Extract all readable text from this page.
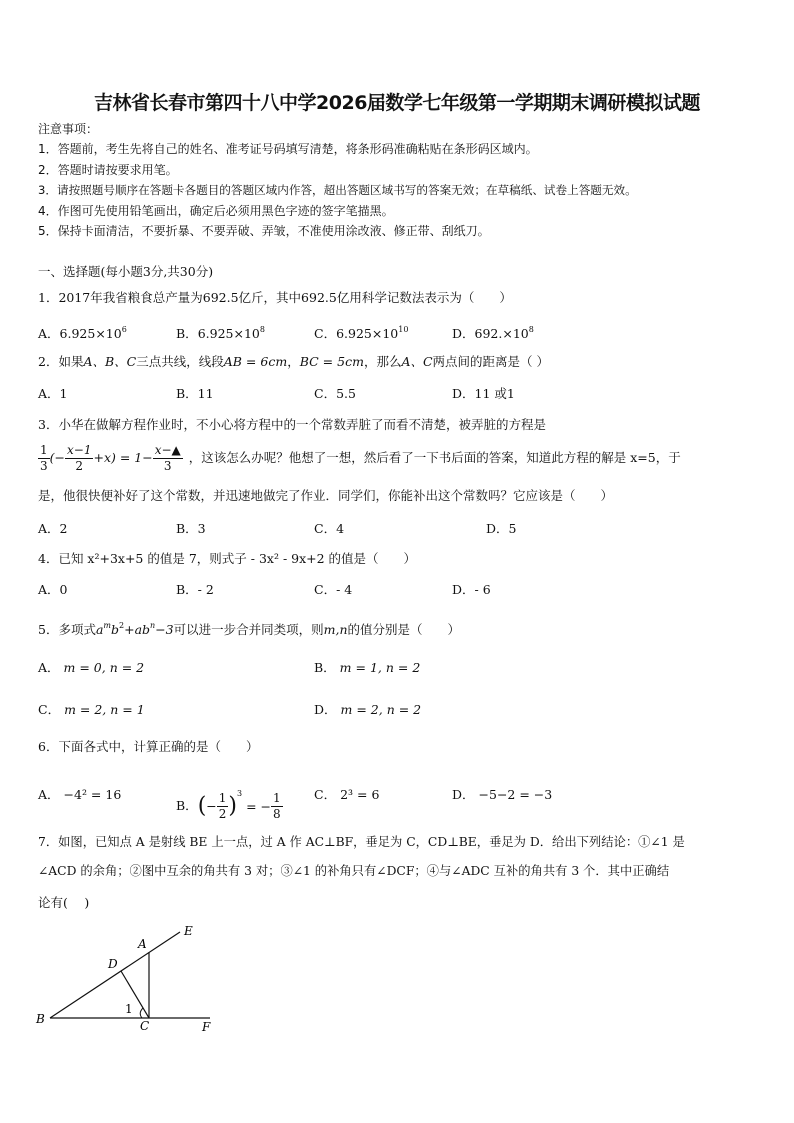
吉林省长春市第四十八中学2026届数学七年级第一学期期末调研模拟试题
注意事项：
1．答题前，考生先将自己的姓名、准考证号码填写清楚，将条形码准确粘贴在条形码区域内。
2．答题时请按要求用笔。
3．请按照题号顺序在答题卡各题目的答题区域内作答，超出答题区域书写的答案无效；在草稿纸、试卷上答题无效。
4．作图可先使用铅笔画出，确定后必须用黑色字迹的签字笔描黑。
5．保持卡面清洁，不要折暴、不要弄破、弄皱，不准使用涂改液、修正带、刮纸刀。
一、选择题(每小题3分,共30分)
1．2017年我省粮食总产量为692.5亿斤，其中692.5亿用科学记数法表示为（　　）
A．$6.925\times 10^6$	B．$6.925\times 10^8$	C．$6.925\times 10^{10}$	D．$692.\times 10^8$
2．如果A、B、C三点共线，线段AB = 6cm，BC = 5cm，那么A、C两点间的距离是（ ）
A．1	B．11	C．5.5	D．11 或1
3．小华在做解方程作业时，不小心将方程中的一个常数弄脏了而看不清楚，被弄脏的方程是
$\frac{1}{3}$ (− $\frac{x-1}{2} +x) = 1- \frac{x-▲}{3}$ ，这该怎么办呢？他想了一想，然后看了一下书后面的答案，知道此方程的解是 x=5，于
是，他很快便补好了这个常数，并迅速地做完了作业．同学们，你能补出这个常数吗？它应该是（　　）
A．2	B．3	C．4	D．5
4．已知 x²+3x+5 的值是 7，则式子 - 3x² - 9x+2 的值是（　　）
A．0	B．- 2	C．- 4	D．- 6
5．多项式$a^mb^2+ab^n-3$可以进一步合并同类项，则m,n的值分别是（　　）
A． m = 0, n = 2	B． m = 1, n = 2
C． m = 2, n = 1	D． m = 2, n = 2
6．下面各式中，计算正确的是（　　）
A． −4² = 16
B．(− $\frac{1}{2} )^3= - \frac{1}{8}$	C． 2³ = 6	D． −5−2 = −3
7．如图，已知点 A 是射线 BE 上一点，过 A 作 AC⊥BF，垂足为 C，CD⊥BE，垂足为 D．给出下列结论：①∠1 是
∠ACD 的余角；②图中互余的角共有 3 对；③∠1 的补角只有∠DCF；④与∠ADC 互补的角共有 3 个．其中正确结
论有(　 )
A
B	C
D
E
F
1
